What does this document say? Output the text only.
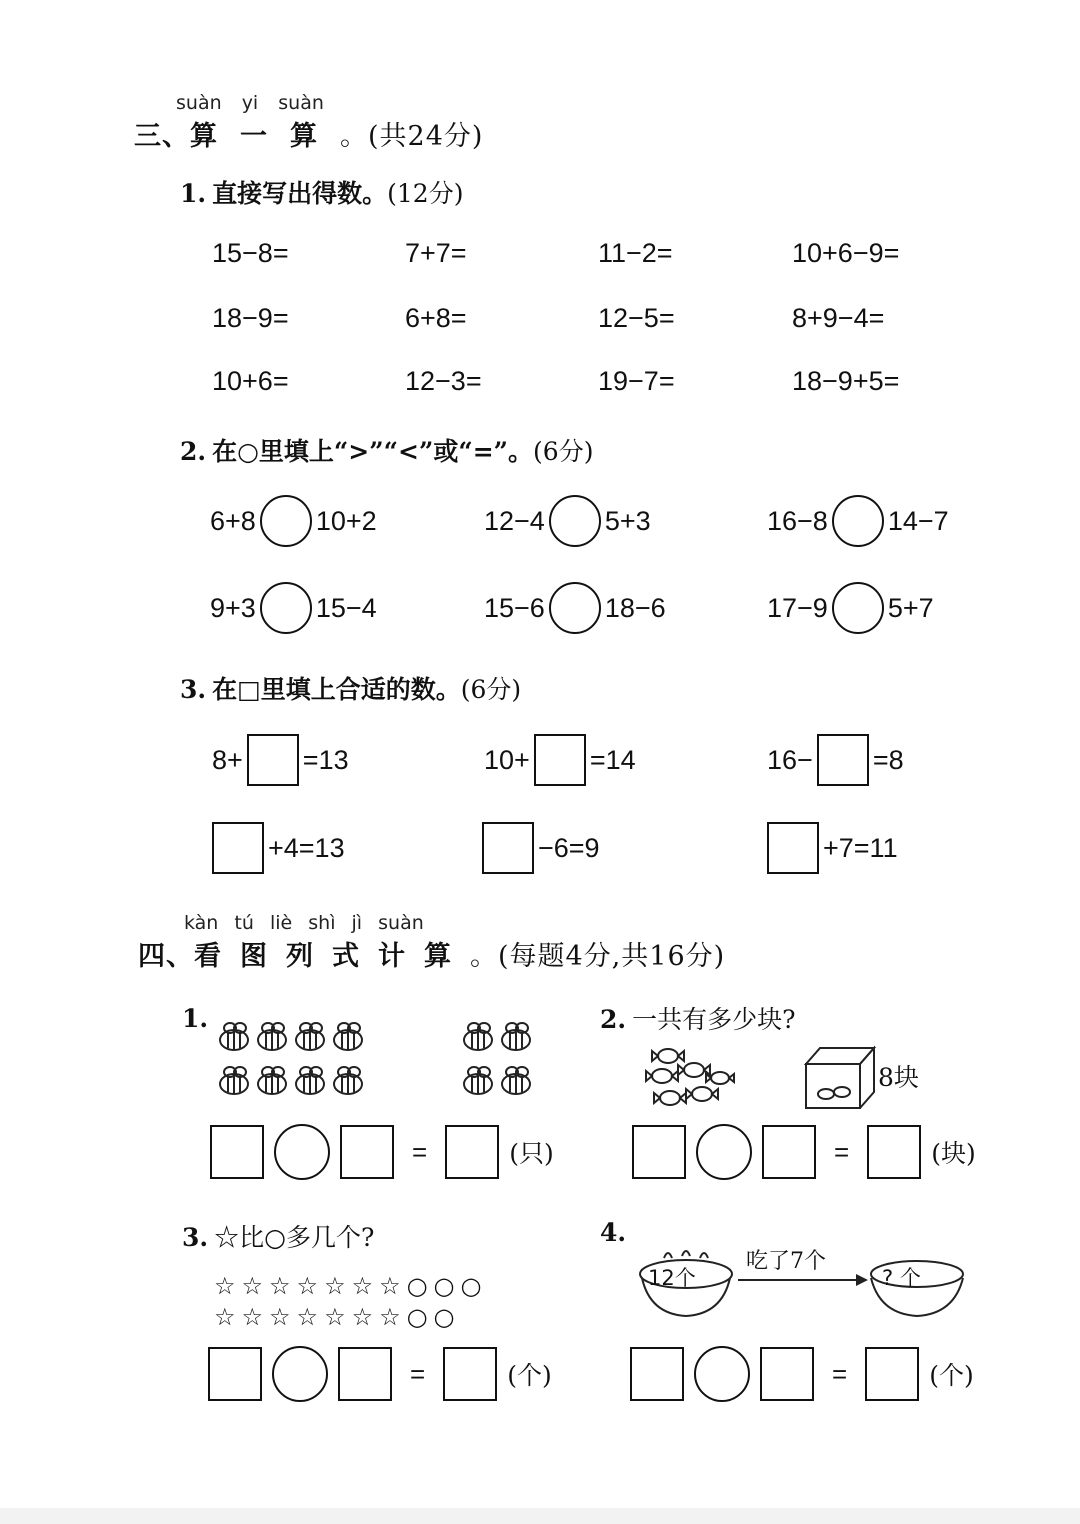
suàn yi suàn
三、算 一 算 。(共24分)
1. 直接写出得数。(12分)
15−8=	7+7=	11−2=	10+6−9=
18−9=	6+8=	12−5=	8+9−4=
10+6=	12−3=	19−7=	18−9+5=
2. 在○里填上“>”“<”或“=”。(6分)
6+8 10+2	12−4 5+3	16−8 14−7
9+3 15−4	15−6 18−6	17−9 5+7
3. 在□里填上合适的数。(6分)
8+ =13	10+ =14	16− =8
+4=13	−6=9	+7=11
kàn tú liè shì jì suàn
四、看 图 列 式 计 算 。(每题4分,共16分)
1.
=	(只)
2. 一共有多少块?
8块
=	(块)
3. ☆比○多几个?
☆☆☆☆☆☆☆○○○
☆☆☆☆☆☆☆○○
=	(个)
4.
12个
吃了7个
? 个
=	(个)
